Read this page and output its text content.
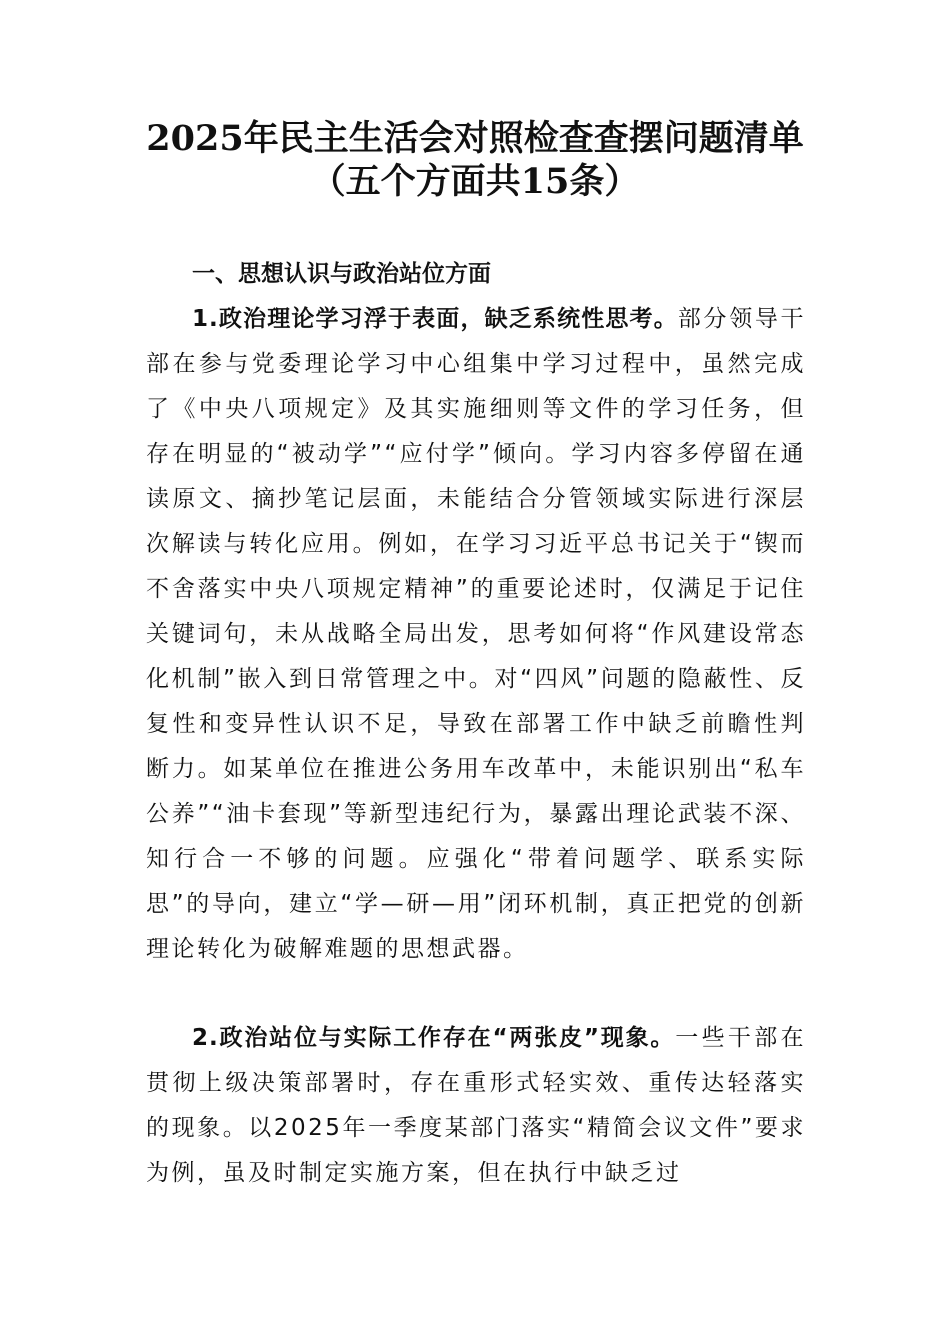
2025年民主生活会对照检查查摆问题清单
（五个方面共15条）
一、思想认识与政治站位方面
1.政治理论学习浮于表面，缺乏系统性思考。部分领导干部在参与党委理论学习中心组集中学习过程中，虽然完成了《中央八项规定》及其实施细则等文件的学习任务，但存在明显的“被动学”“应付学”倾向。学习内容多停留在通读原文、摘抄笔记层面，未能结合分管领域实际进行深层次解读与转化应用。例如，在学习习近平总书记关于“锲而不舍落实中央八项规定精神”的重要论述时，仅满足于记住关键词句，未从战略全局出发，思考如何将“作风建设常态化机制”嵌入到日常管理之中。对“四风”问题的隐蔽性、反复性和变异性认识不足，导致在部署工作中缺乏前瞻性判断力。如某单位在推进公务用车改革中，未能识别出“私车公养”“油卡套现”等新型违纪行为，暴露出理论武装不深、知行合一不够的问题。应强化“带着问题学、联系实际思”的导向，建立“学—研—用”闭环机制，真正把党的创新理论转化为破解难题的思想武器。
2.政治站位与实际工作存在“两张皮”现象。一些干部在贯彻上级决策部署时，存在重形式轻实效、重传达轻落实的现象。以2025年一季度某部门落实“精简会议文件”要求为例，虽及时制定实施方案，但在执行中缺乏过
